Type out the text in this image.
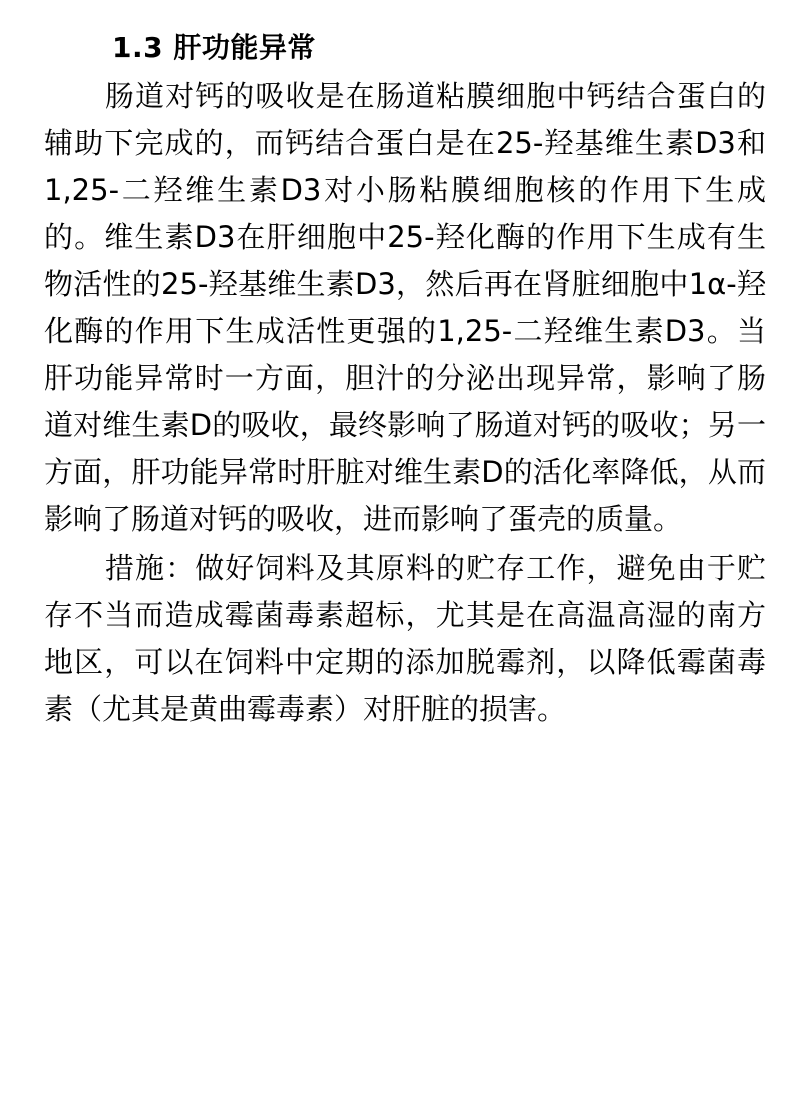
1.3 肝功能异常

肠道对钙的吸收是在肠道粘膜细胞中钙结合蛋白的辅助下完成的，而钙结合蛋白是在25-羟基维生素D3和1,25-二羟维生素D3对小肠粘膜细胞核的作用下生成的。维生素D3在肝细胞中25-羟化酶的作用下生成有生物活性的25-羟基维生素D3，然后再在肾脏细胞中1α-羟化酶的作用下生成活性更强的1,25-二羟维生素D3。当肝功能异常时一方面，胆汁的分泌出现异常，影响了肠道对维生素D的吸收，最终影响了肠道对钙的吸收；另一方面，肝功能异常时肝脏对维生素D的活化率降低，从而影响了肠道对钙的吸收，进而影响了蛋壳的质量。

措施：做好饲料及其原料的贮存工作，避免由于贮存不当而造成霉菌毒素超标，尤其是在高温高湿的南方地区，可以在饲料中定期的添加脱霉剂，以降低霉菌毒素（尤其是黄曲霉毒素）对肝脏的损害。
